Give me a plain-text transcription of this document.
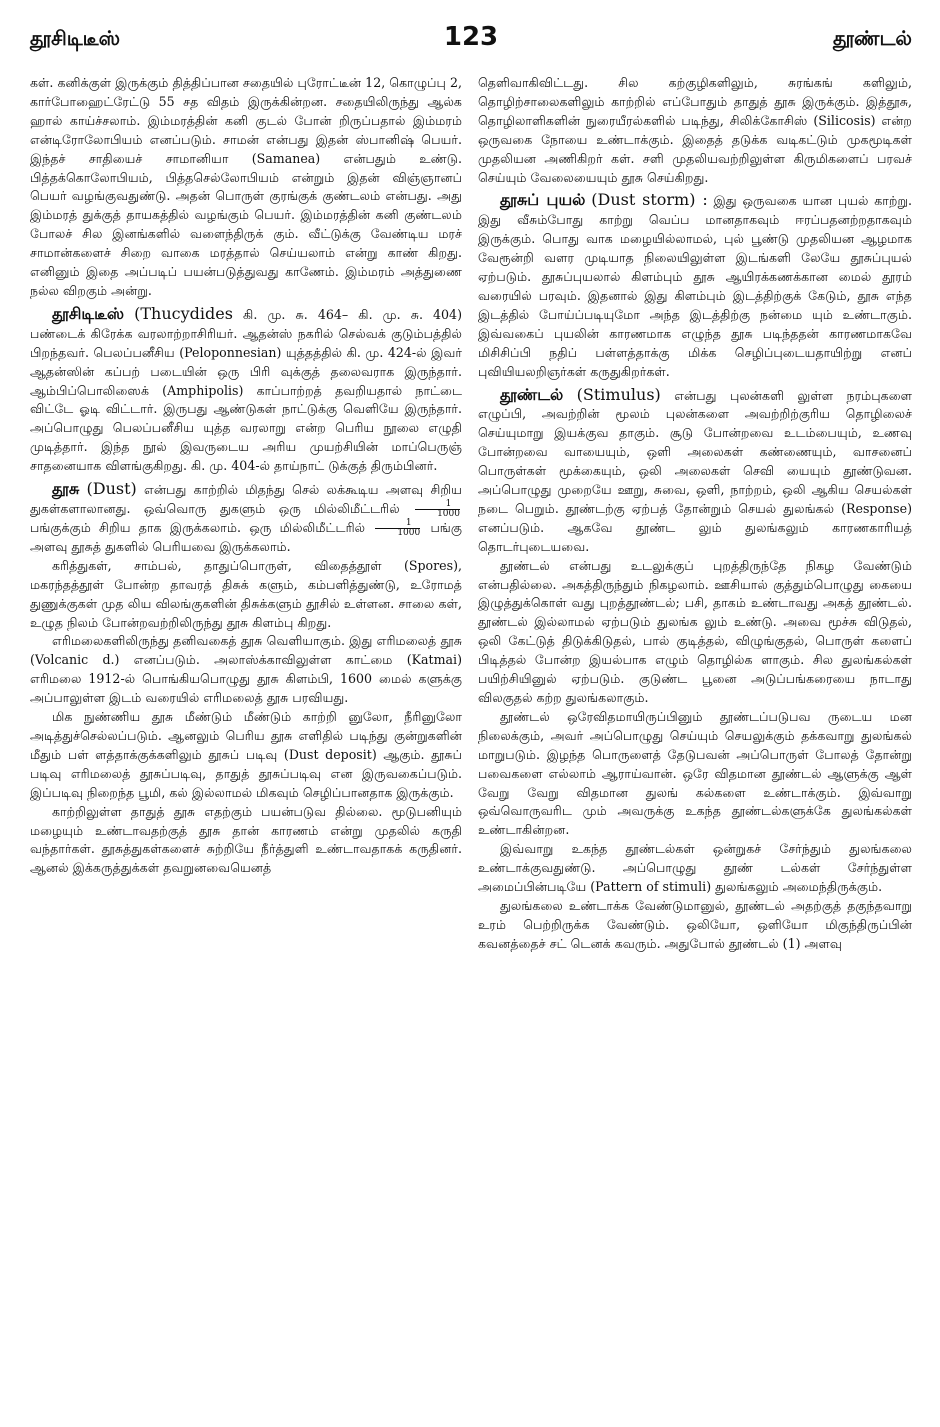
தூசிடிடீஸ்	123	தூண்டல்

கள். கனிக்குள் இருக்கும் தித்திப்பான சதையில் புரோட்டீன் 12, கொழுப்பு 2, கார்போஹைட்ரேட்டு 55 சத விதம் இருக்கின்றன. சதையிலிருந்து ஆல்க ஹால் காய்ச்சலாம். இம்மரத்தின் கனி குடல் போன் றிருப்பதால் இம்மரம் என்டிரோலோபியம் எனப்படும். சாமன் என்பது இதன் ஸ்பானிஷ் பெயர். இந்தச் சாதியைச் சாமானியா (Samanea) என்பதும் உண்டு. பித்தக்கொலோபியம், பித்தசெல்லோபியம் என்றும் இதன் விஞ்ஞானப் பெயர் வழங்குவதுண்டு. அதன் பொருள் குரங்குக் குண்டலம் என்பது. அது இம்மரத் துக்குத் தாயகத்தில் வழங்கும் பெயர். இம்மரத்தின் கனி குண்டலம் போலச் சில இனங்களில் வளைந்திருக் கும். வீட்டுக்கு வேண்டிய மரச் சாமான்களைச் சிறை வாகை மரத்தால் செய்யலாம் என்று காண் கிறது. எனினும் இதை அப்படிப் பயன்படுத்துவது காணேம். இம்மரம் அத்துணை நல்ல விறகும் அன்று.

தூசிடிடீஸ் (Thucydides கி. மு. சு. 464– கி. மு. சு. 404) பண்டைக் கிரேக்க வரலாற்றாசிரியர். ஆதன்ஸ் நகரில் செல்வக் குடும்பத்தில் பிறந்தவர். பெலப்பனீசிய (Peloponnesian) யுத்தத்தில் கி. மு. 424-ல் இவர் ஆதன்ஸின் கப்பற் படையின் ஒரு பிரி வுக்குத் தலைவராக இருந்தார். ஆம்பிப்பொலிஸைக் (Amphipolis) காப்பாற்றத் தவறியதால் நாட்டை விட்டே ஓடி விட்டார். இருபது ஆண்டுகள் நாட்டுக்கு வெளியே இருந்தார். அப்பொழுது பெலப்பனீசிய யுத்த வரலாறு என்ற பெரிய நூலை எழுதி முடித்தார். இந்த நூல் இவருடைய அரிய முயற்சியின் மாப்பெருஞ் சாதனையாக விளங்குகிறது. கி. மு. 404-ல் தாய்நாட் டுக்குத் திரும்பினர்.

தூசு (Dust) என்பது காற்றில் மிதந்து செல் லக்கூடிய அளவு சிறிய துகள்களாலானது. ஒவ்வொரு துகளும் ஒரு மில்லிமீட்டரில் $\frac{1}{1000}$
பங்குக்கும் சிறிய தாக இருக்கலாம். ஒரு மில்லிமீட்டரில் $\frac{1}{1000}$ பங்கு அளவு தூசுத் துகளில் பெரியவை இருக்கலாம்.

கரித்துகள், சாம்பல், தாதுப்பொருள், விதைத்தூள் (Spores), மகரந்தத்தூள் போன்ற தாவரத் திசுக் களும், கம்பளித்துண்டு, உரோமத் துணுக்குகள் முத லிய விலங்குகளின் திசுக்களும் தூசில் உள்ளன. சாலை கள், உழுத நிலம் போன்றவற்றிலிருந்து தூசு கிளம்பு கிறது.

எரிமலைகளிலிருந்து தனிவகைத் தூசு வெளியாகும். இது எரிமலைத் தூசு (Volcanic d.) எனப்படும். அலாஸ்க்காவிலுள்ள காட்மை (Katmai) எரிமலை 1912-ல் பொங்கியபொழுது தூசு கிளம்பி, 1600 மைல் களுக்கு அப்பாலுள்ள இடம் வரையில் எரிமலைத் தூசு பரவியது.

மிக நுண்ணிய தூசு மீண்டும் மீண்டும் காற்றி னுலோ, நீரினுலோ அடித்துச்செல்லப்படும். ஆனலும் பெரிய தூசு எளிதில் படிந்து குன்றுகளின் மீதும் பள் ளத்தாக்குக்களிலும் தூசுப் படிவு (Dust deposit) ஆகும். தூசுப் படிவு எரிமலைத் தூசுப்படிவு, தாதுத் தூசுப்படிவு என இருவகைப்படும். இப்படிவு நிறைந்த பூமி, கல் இல்லாமல் மிகவும் செழிப்பானதாக இருக்கும்.

காற்றிலுள்ள தாதுத் தூசு எதற்கும் பயன்படுவ தில்லை. மூடுபனியும் மழையும் உண்டாவதற்குத் தூசு தான் காரணம் என்று முதலில் கருதி வந்தார்கள். தூசுத்துகள்களைச் சுற்றியே நீர்த்துளி உண்டாவதாகக் கருதினர். ஆனல் இக்கருத்துக்கள் தவறுனவையெனத்

தெளிவாகிவிட்டது. சில கற்குழிகளிலும், சுரங்கங் களிலும், தொழிற்சாலைகளிலும் காற்றில் எப்போதும் தாதுத் தூசு இருக்கும். இத்தூசு, தொழிலாளிகளின் நுரையீரல்களில் படிந்து, சிலிக்கோசிஸ் (Silicosis) என்ற ஒருவகை நோயை உண்டாக்கும். இதைத் தடுக்க வடிகட்டும் முகமூடிகள் முதலியன அணிகிறர் கள். சளி முதலியவற்றிலுள்ள கிருமிகளைப் பரவச் செய்யும் வேலையையும் தூசு செய்கிறது.

தூசுப் புயல் (Dust storm) : இது ஒருவகை யான புயல் காற்று. இது வீசும்போது காற்று வெப்ப மானதாகவும் ஈரப்பதனற்றதாகவும் இருக்கும். பொது வாக மழையில்லாமல், புல் பூண்டு முதலியன ஆழமாக வேரூன்றி வளர முடியாத நிலையிலுள்ள இடங்களி லேயே தூசுப்புயல் ஏற்படும். தூசுப்புயலால் கிளம்பும் தூசு ஆயிரக்கணக்கான மைல் தூரம் வரையில் பரவும். இதனால் இது கிளம்பும் இடத்திற்குக் கேடும், தூசு எந்த இடத்தில் போய்ப்படியுமோ அந்த இடத்திற்கு நன்மை யும் உண்டாகும். இவ்வகைப் புயலின் காரணமாக எழுந்த தூசு படிந்ததன் காரணமாகவே மிசிசிப்பி நதிப் பள்ளத்தாக்கு மிக்க செழிப்புடையதாயிற்று எனப் புவியியலறிஞர்கள் கருதுகிறர்கள்.

தூண்டல் (Stimulus) என்பது புலன்களி லுள்ள நரம்புகளை எழுப்பி, அவற்றின் மூலம் புலன்களை அவற்றிற்குரிய தொழிலைச் செய்யுமாறு இயக்குவ தாகும். சூடு போன்றவை உடம்பையும், உணவு போன்றவை வாயையும், ஒளி அலைகள் கண்ணையும், வாசனைப் பொருள்கள் மூக்கையும், ஒலி அலைகள் செவி யையும் தூண்டுவன. அப்பொழுது முறையே ஊறு, சுவை, ஒளி, நாற்றம், ஒலி ஆகிய செயல்கள் நடை பெறும். தூண்டற்கு ஏற்பத் தோன்றும் செயல் துலங்கல் (Response) எனப்படும். ஆகவே தூண்ட லும் துலங்கலும் காரணகாரியத் தொடர்புடையவை.

தூண்டல் என்பது உடலுக்குப் புறத்திருந்தே நிகழ வேண்டும் என்பதில்லை. அகத்திருந்தும் நிகழலாம். ஊசியால் குத்தும்பொழுது கையை இழுத்துக்கொள் வது புறத்தூண்டல்; பசி, தாகம் உண்டாவது அகத் தூண்டல். தூண்டல் இல்லாமல் ஏற்படும் துலங்க லும் உண்டு. அவை மூச்சு விடுதல், ஒலி கேட்டுத் திடுக்கிடுதல், பால் குடித்தல், விழுங்குதல், பொருள் களைப் பிடித்தல் போன்ற இயல்பாக எழும் தொழில்க ளாகும். சில துலங்கல்கள் பயிற்சியினுல் ஏற்படும். குடுண்ட பூனை அடுப்பங்கரையை நாடாது விலகுதல் கற்ற துலங்கலாகும்.

தூண்டல் ஒரேவிதமாயிருப்பினும் தூண்டப்படுபவ ருடைய மன நிலைக்கும், அவர் அப்பொழுது செய்யும் செயலுக்கும் தக்கவாறு துலங்கல் மாறுபடும். இழந்த பொருளைத் தேடுபவன் அப்பொருள் போலத் தோன்று பவைகளை எல்லாம் ஆராய்வான். ஒரே விதமான தூண்டல் ஆளுக்கு ஆள் வேறு வேறு விதமான துலங் கல்களை உண்டாக்கும். இவ்வாறு ஒவ்வொருவரிட மும் அவருக்கு உகந்த தூண்டல்களுக்கே துலங்கல்கள் உண்டாகின்றன.

இவ்வாறு உகந்த தூண்டல்கள் ஒன்றுகச் சேர்ந்தும் துலங்கலை உண்டாக்குவதுண்டு. அப்பொழுது தூண் டல்கள் சேர்ந்துள்ள அமைப்பின்படியே (Pattern of stimuli) துலங்கலும் அமைந்திருக்கும்.

துலங்கலை உண்டாக்க வேண்டுமானுல், தூண்டல் அதற்குத் தகுந்தவாறு உரம் பெற்றிருக்க வேண்டும். ஒலியோ, ஒளியோ மிகுந்திருப்பின் கவனத்தைச் சட் டெனக் கவரும். அதுபோல் தூண்டல் (1) அளவு
